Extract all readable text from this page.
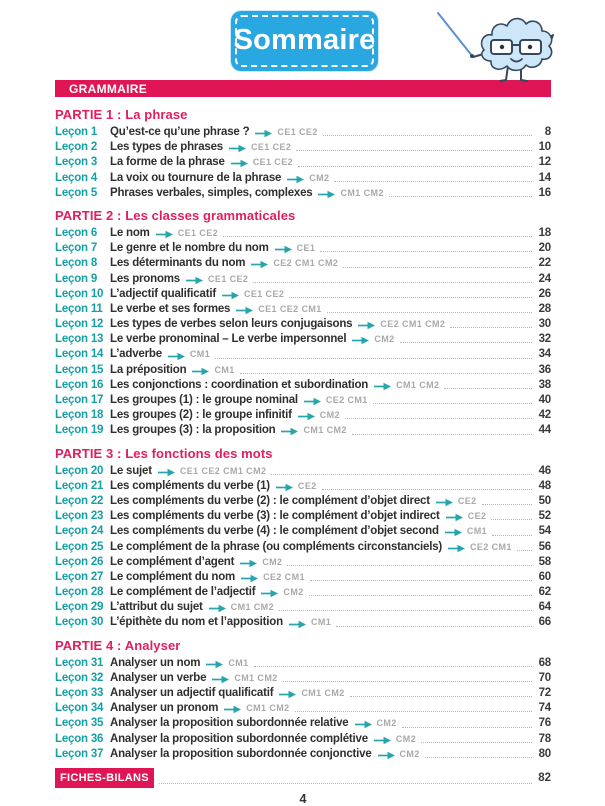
Sommaire
GRAMMAIRE
PARTIE 1 : La phrase
Leçon 1	Qu’est-ce qu’une phrase ?	CE1 CE2	8
Leçon 2	Les types de phrases	CE1 CE2	10
Leçon 3	La forme de la phrase	CE1 CE2	12
Leçon 4	La voix ou tournure de la phrase	CM2	14
Leçon 5	Phrases verbales, simples, complexes	CM1 CM2	16
PARTIE 2 : Les classes grammaticales
Leçon 6	Le nom	CE1 CE2	18
Leçon 7	Le genre et le nombre du nom	CE1	20
Leçon 8	Les déterminants du nom	CE2 CM1 CM2	22
Leçon 9	Les pronoms	CE1 CE2	24
Leçon 10 L’adjectif qualificatif	CE1 CE2	26
Leçon 11 Le verbe et ses formes	CE1 CE2 CM1	28
Leçon 12 Les types de verbes selon leurs conjugaisons	CE2 CM1 CM2	30
Leçon 13 Le verbe pronominal – Le verbe impersonnel	CM2	32
Leçon 14 L’adverbe	CM1	34
Leçon 15 La préposition	CM1	36
Leçon 16 Les conjonctions : coordination et subordination	CM1 CM2	38
Leçon 17 Les groupes (1) : le groupe nominal	CE2 CM1	40
Leçon 18 Les groupes (2) : le groupe infinitif	CM2	42
Leçon 19 Les groupes (3) : la proposition	CM1 CM2	44
PARTIE 3 : Les fonctions des mots
Leçon 20 Le sujet	CE1 CE2 CM1 CM2	46
Leçon 21 Les compléments du verbe (1)	CE2	48
Leçon 22 Les compléments du verbe (2) : le complément d’objet direct	CE2	50
Leçon 23 Les compléments du verbe (3) : le complément d’objet indirect	CE2	52
Leçon 24 Les compléments du verbe (4) : le complément d’objet second	CM1	54
Leçon 25 Le complément de la phrase (ou compléments circonstanciels)	CE2 CM1 56
Leçon 26 Le complément d’agent	CM2	58
Leçon 27 Le complément du nom	CE2 CM1	60
Leçon 28 Le complément de l’adjectif	CM2	62
Leçon 29 L’attribut du sujet	CM1 CM2	64
Leçon 30 L’épithète du nom et l’apposition	CM1	66
PARTIE 4 : Analyser
Leçon 31 Analyser un nom	CM1	68
Leçon 32 Analyser un verbe	CM1 CM2	70
Leçon 33 Analyser un adjectif qualificatif	CM1 CM2	72
Leçon 34 Analyser un pronom	CM1 CM2	74
Leçon 35 Analyser la proposition subordonnée relative	CM2	76
Leçon 36 Analyser la proposition subordonnée complétive	CM2	78
Leçon 37 Analyser la proposition subordonnée conjonctive	CM2	80
FICHES-BILANS	82
4
